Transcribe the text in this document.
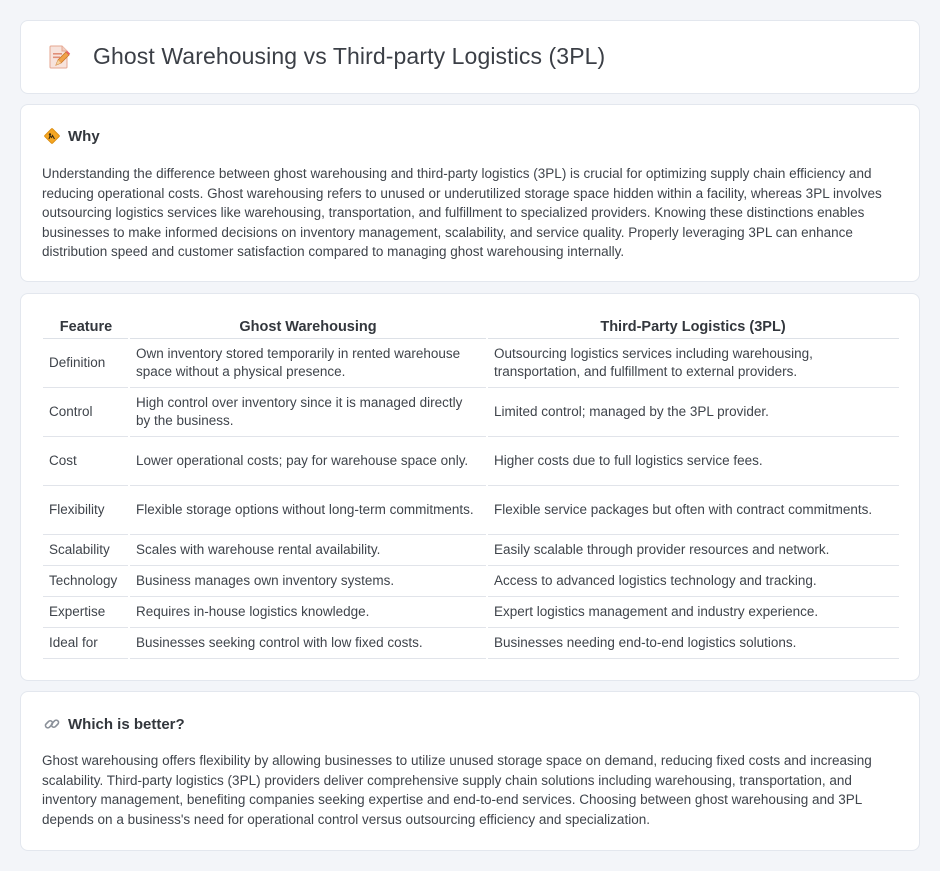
Ghost Warehousing vs Third-party Logistics (3PL)
Why

Understanding the difference between ghost warehousing and third-party logistics (3PL) is crucial for optimizing supply chain efficiency and reducing operational costs. Ghost warehousing refers to unused or underutilized storage space hidden within a facility, whereas 3PL involves outsourcing logistics services like warehousing, transportation, and fulfillment to specialized providers. Knowing these distinctions enables businesses to make informed decisions on inventory management, scalability, and service quality. Properly leveraging 3PL can enhance distribution speed and customer satisfaction compared to managing ghost warehousing internally.

Feature	Ghost Warehousing	Third-Party Logistics (3PL)
Definition	Own inventory stored temporarily in rented warehouse space without a physical presence.	Outsourcing logistics services including warehousing, transportation, and fulfillment to external providers.
Control	High control over inventory since it is managed directly by the business.	Limited control; managed by the 3PL provider.
Cost	Lower operational costs; pay for warehouse space only.	Higher costs due to full logistics service fees.
Flexibility	Flexible storage options without long-term commitments.	Flexible service packages but often with contract commitments.
Scalability	Scales with warehouse rental availability.	Easily scalable through provider resources and network.
Technology	Business manages own inventory systems.	Access to advanced logistics technology and tracking.
Expertise	Requires in-house logistics knowledge.	Expert logistics management and industry experience.
Ideal for	Businesses seeking control with low fixed costs.	Businesses needing end-to-end logistics solutions.
Which is better?

Ghost warehousing offers flexibility by allowing businesses to utilize unused storage space on demand, reducing fixed costs and increasing scalability. Third-party logistics (3PL) providers deliver comprehensive supply chain solutions including warehousing, transportation, and inventory management, benefiting companies seeking expertise and end-to-end services. Choosing between ghost warehousing and 3PL depends on a business's need for operational control versus outsourcing efficiency and specialization.
